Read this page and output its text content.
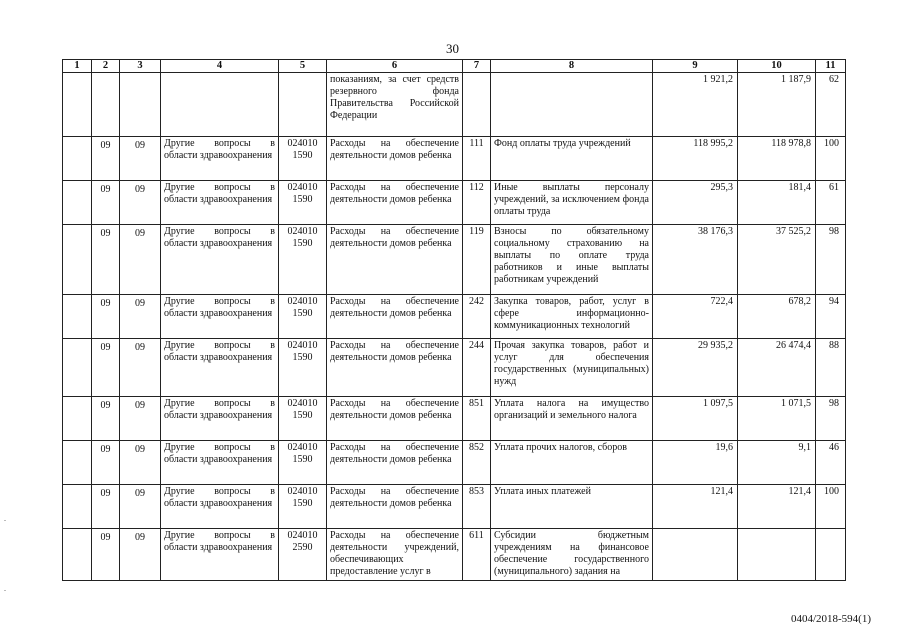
30
1	2	3	4	5	6	7	8	9	10	11

					показаниям, за счет средств резервного фонда Правительства Российской Федерации			1 921,2	1 187,9	62

	09	09	Другие вопросы в области здравоохранения	024010 1590	Расходы на обеспечение деятельности домов ребенка	111	Фонд оплаты труда учреждений	118 995,2	118 978,8	100

	09	09	Другие вопросы в области здравоохранения	024010 1590	Расходы на обеспечение деятельности домов ребенка	112	Иные выплаты персоналу учреждений, за исключением фонда оплаты труда	295,3	181,4	61

	09	09	Другие вопросы в области здравоохранения	024010 1590	Расходы на обеспечение деятельности домов ребенка	119	Взносы по обязательному социальному страхованию на выплаты по оплате труда работников и иные выплаты работникам учреждений	38 176,3	37 525,2	98

	09	09	Другие вопросы в области здравоохранения	024010 1590	Расходы на обеспечение деятельности домов ребенка	242	Закупка товаров, работ, услуг в сфере информационно-коммуникационных технологий	722,4	678,2	94

	09	09	Другие вопросы в области здравоохранения	024010 1590	Расходы на обеспечение деятельности домов ребенка	244	Прочая закупка товаров, работ и услуг для обеспечения государственных (муниципальных) нужд	29 935,2	26 474,4	88

	09	09	Другие вопросы в области здравоохранения	024010 1590	Расходы на обеспечение деятельности домов ребенка	851	Уплата налога на имущество организаций и земельного налога	1 097,5	1 071,5	98

	09	09	Другие вопросы в области здравоохранения	024010 1590	Расходы на обеспечение деятельности домов ребенка	852	Уплата прочих налогов, сборов	19,6	9,1	46

	09	09	Другие вопросы в области здравоохранения	024010 1590	Расходы на обеспечение деятельности домов ребенка	853	Уплата иных платежей	121,4	121,4	100

	09	09	Другие вопросы в области здравоохранения	024010 2590	Расходы на обеспечение деятельности учреждений, обеспечивающих предоставление услуг в	611	Субсидии бюджетным учреждениям на финансовое обеспечение государственного (муниципального) задания на			

0404/2018-594(1)
